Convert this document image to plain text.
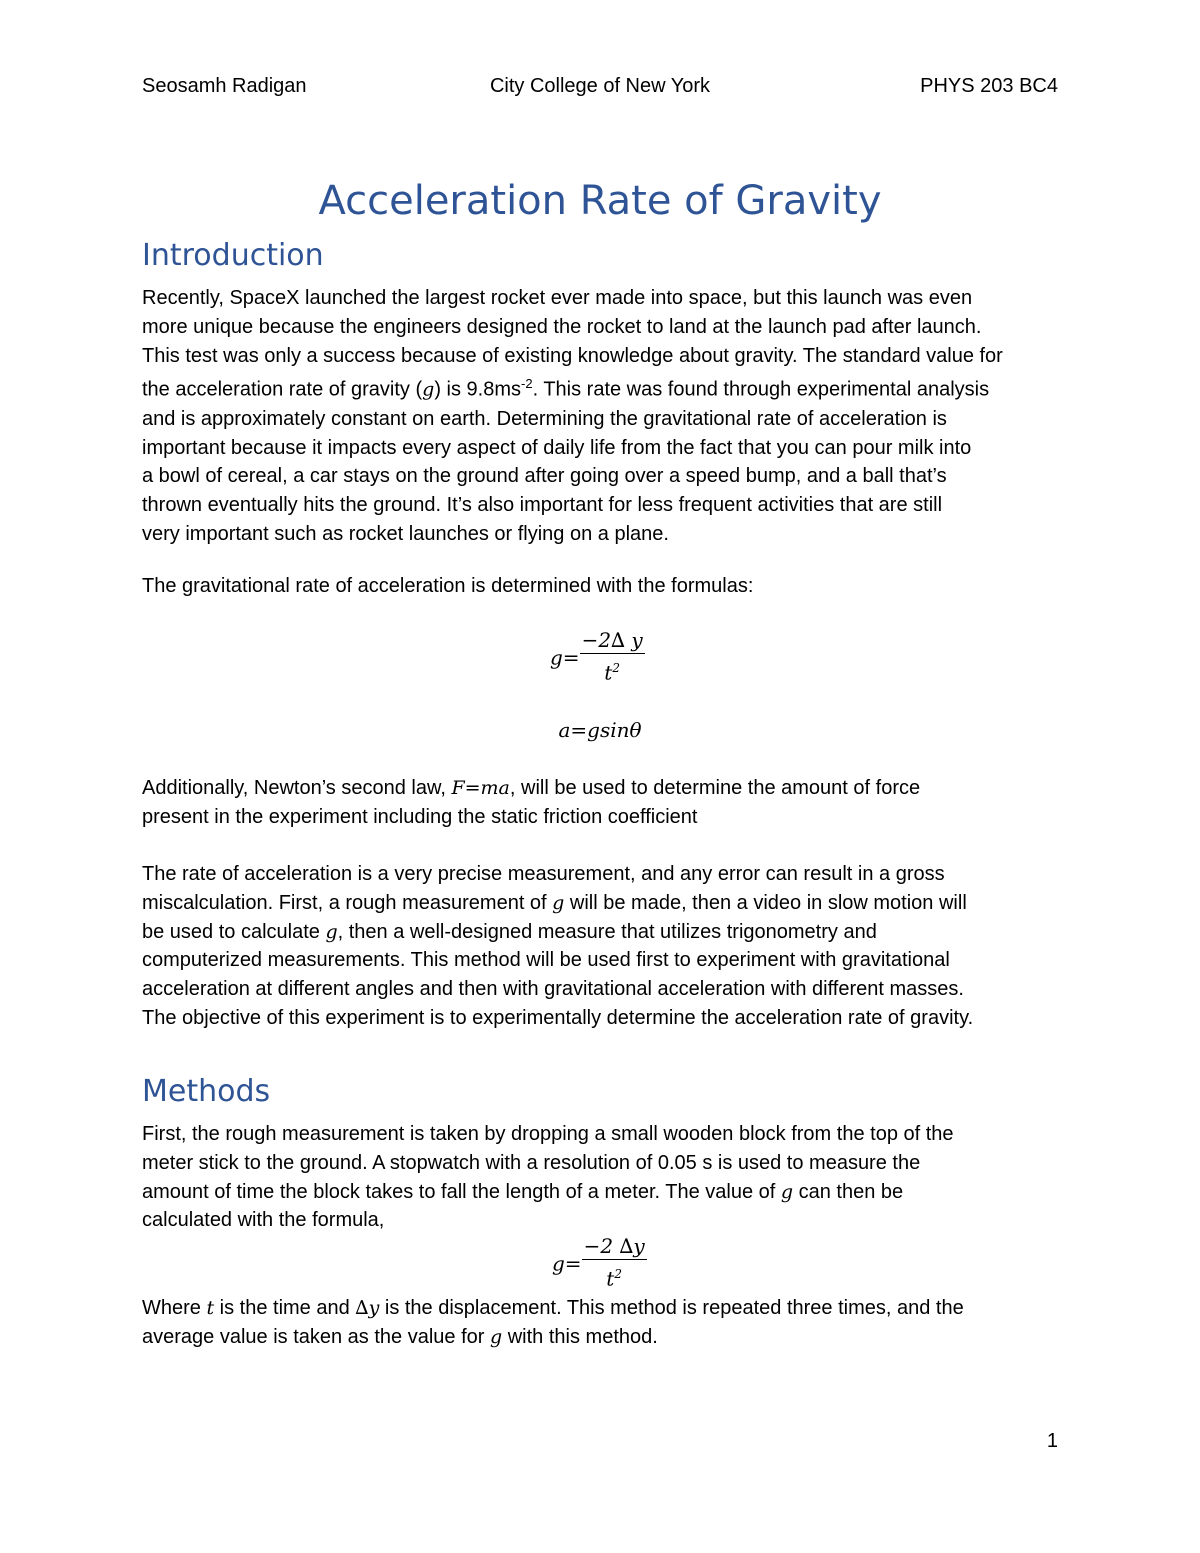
Seosamh Radigan	City College of New York	PHYS 203 BC4
Acceleration Rate of Gravity
Introduction

Recently, SpaceX launched the largest rocket ever made into space, but this launch was even
more unique because the engineers designed the rocket to land at the launch pad after launch.
This test was only a success because of existing knowledge about gravity. The standard value for
the acceleration rate of gravity (g) is $9.8ms^{-2}$. This rate was found through experimental analysis
and is approximately constant on earth. Determining the gravitational rate of acceleration is
important because it impacts every aspect of daily life from the fact that you can pour milk into
a bowl of cereal, a car stays on the ground after going over a speed bump, and a ball that’s
thrown eventually hits the ground. It’s also important for less frequent activities that are still
very important such as rocket launches or flying on a plane.

The gravitational rate of acceleration is determined with the formulas:

$g= \frac{-2\Delta y}{t^2}$
a=gsinθ

Additionally, Newton’s second law, F=ma, will be used to determine the amount of force
present in the experiment including the static friction coefficient

The rate of acceleration is a very precise measurement, and any error can result in a gross
miscalculation. First, a rough measurement of g will be made, then a video in slow motion will
be used to calculate g, then a well-designed measure that utilizes trigonometry and
computerized measurements. This method will be used first to experiment with gravitational
acceleration at different angles and then with gravitational acceleration with different masses.
The objective of this experiment is to experimentally determine the acceleration rate of gravity.

Methods

First, the rough measurement is taken by dropping a small wooden block from the top of the
meter stick to the ground. A stopwatch with a resolution of 0.05 s is used to measure the
amount of time the block takes to fall the length of a meter. The value of g can then be
calculated with the formula,

$g= \frac{-2 \Delta y}{t^2}$

Where t is the time and ∆y is the displacement. This method is repeated three times, and the
average value is taken as the value for g with this method.

1
